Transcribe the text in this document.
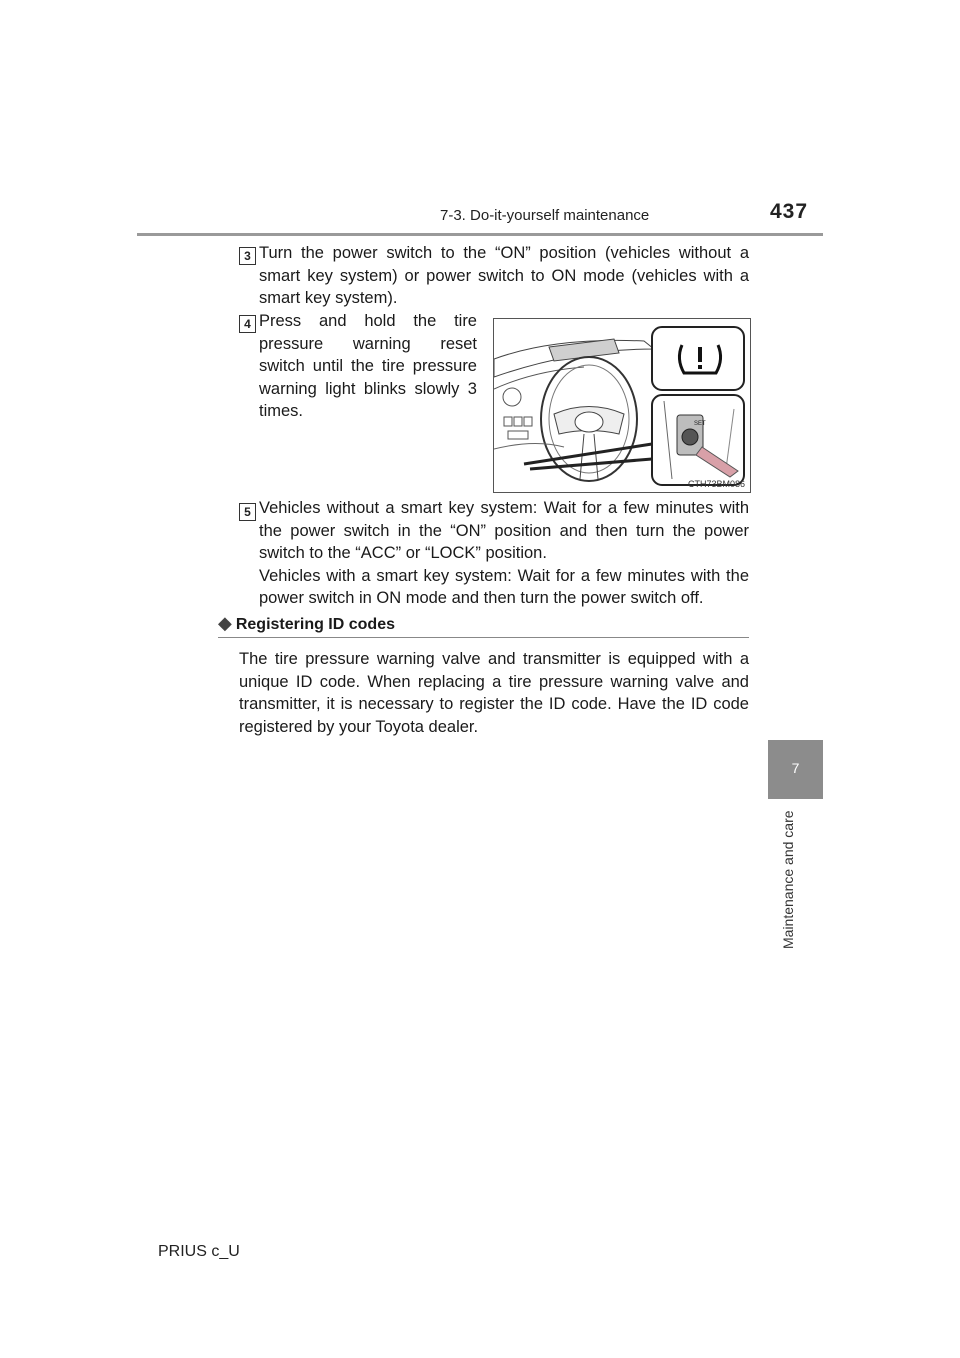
7-3. Do-it-yourself maintenance	437
7
Maintenance and care
3 Turn the power switch to the “ON” position (vehicles without a smart key system) or power switch to ON mode (vehicles with a smart key system).

4 Press and hold the tire pressure warning reset switch until the tire pressure warning light blinks slowly 3 times.

SET
CTH73BM086
5 Vehicles without a smart key system: Wait for a few minutes with the power switch in the “ON” position and then turn the power switch to the “ACC” or “LOCK” position.

Vehicles with a smart key system: Wait for a few minutes with the power switch in ON mode and then turn the power switch off.

◆ Registering ID codes

The tire pressure warning valve and transmitter is equipped with a unique ID code. When replacing a tire pressure warning valve and transmitter, it is necessary to register the ID code. Have the ID code registered by your Toyota dealer.

PRIUS c_U
